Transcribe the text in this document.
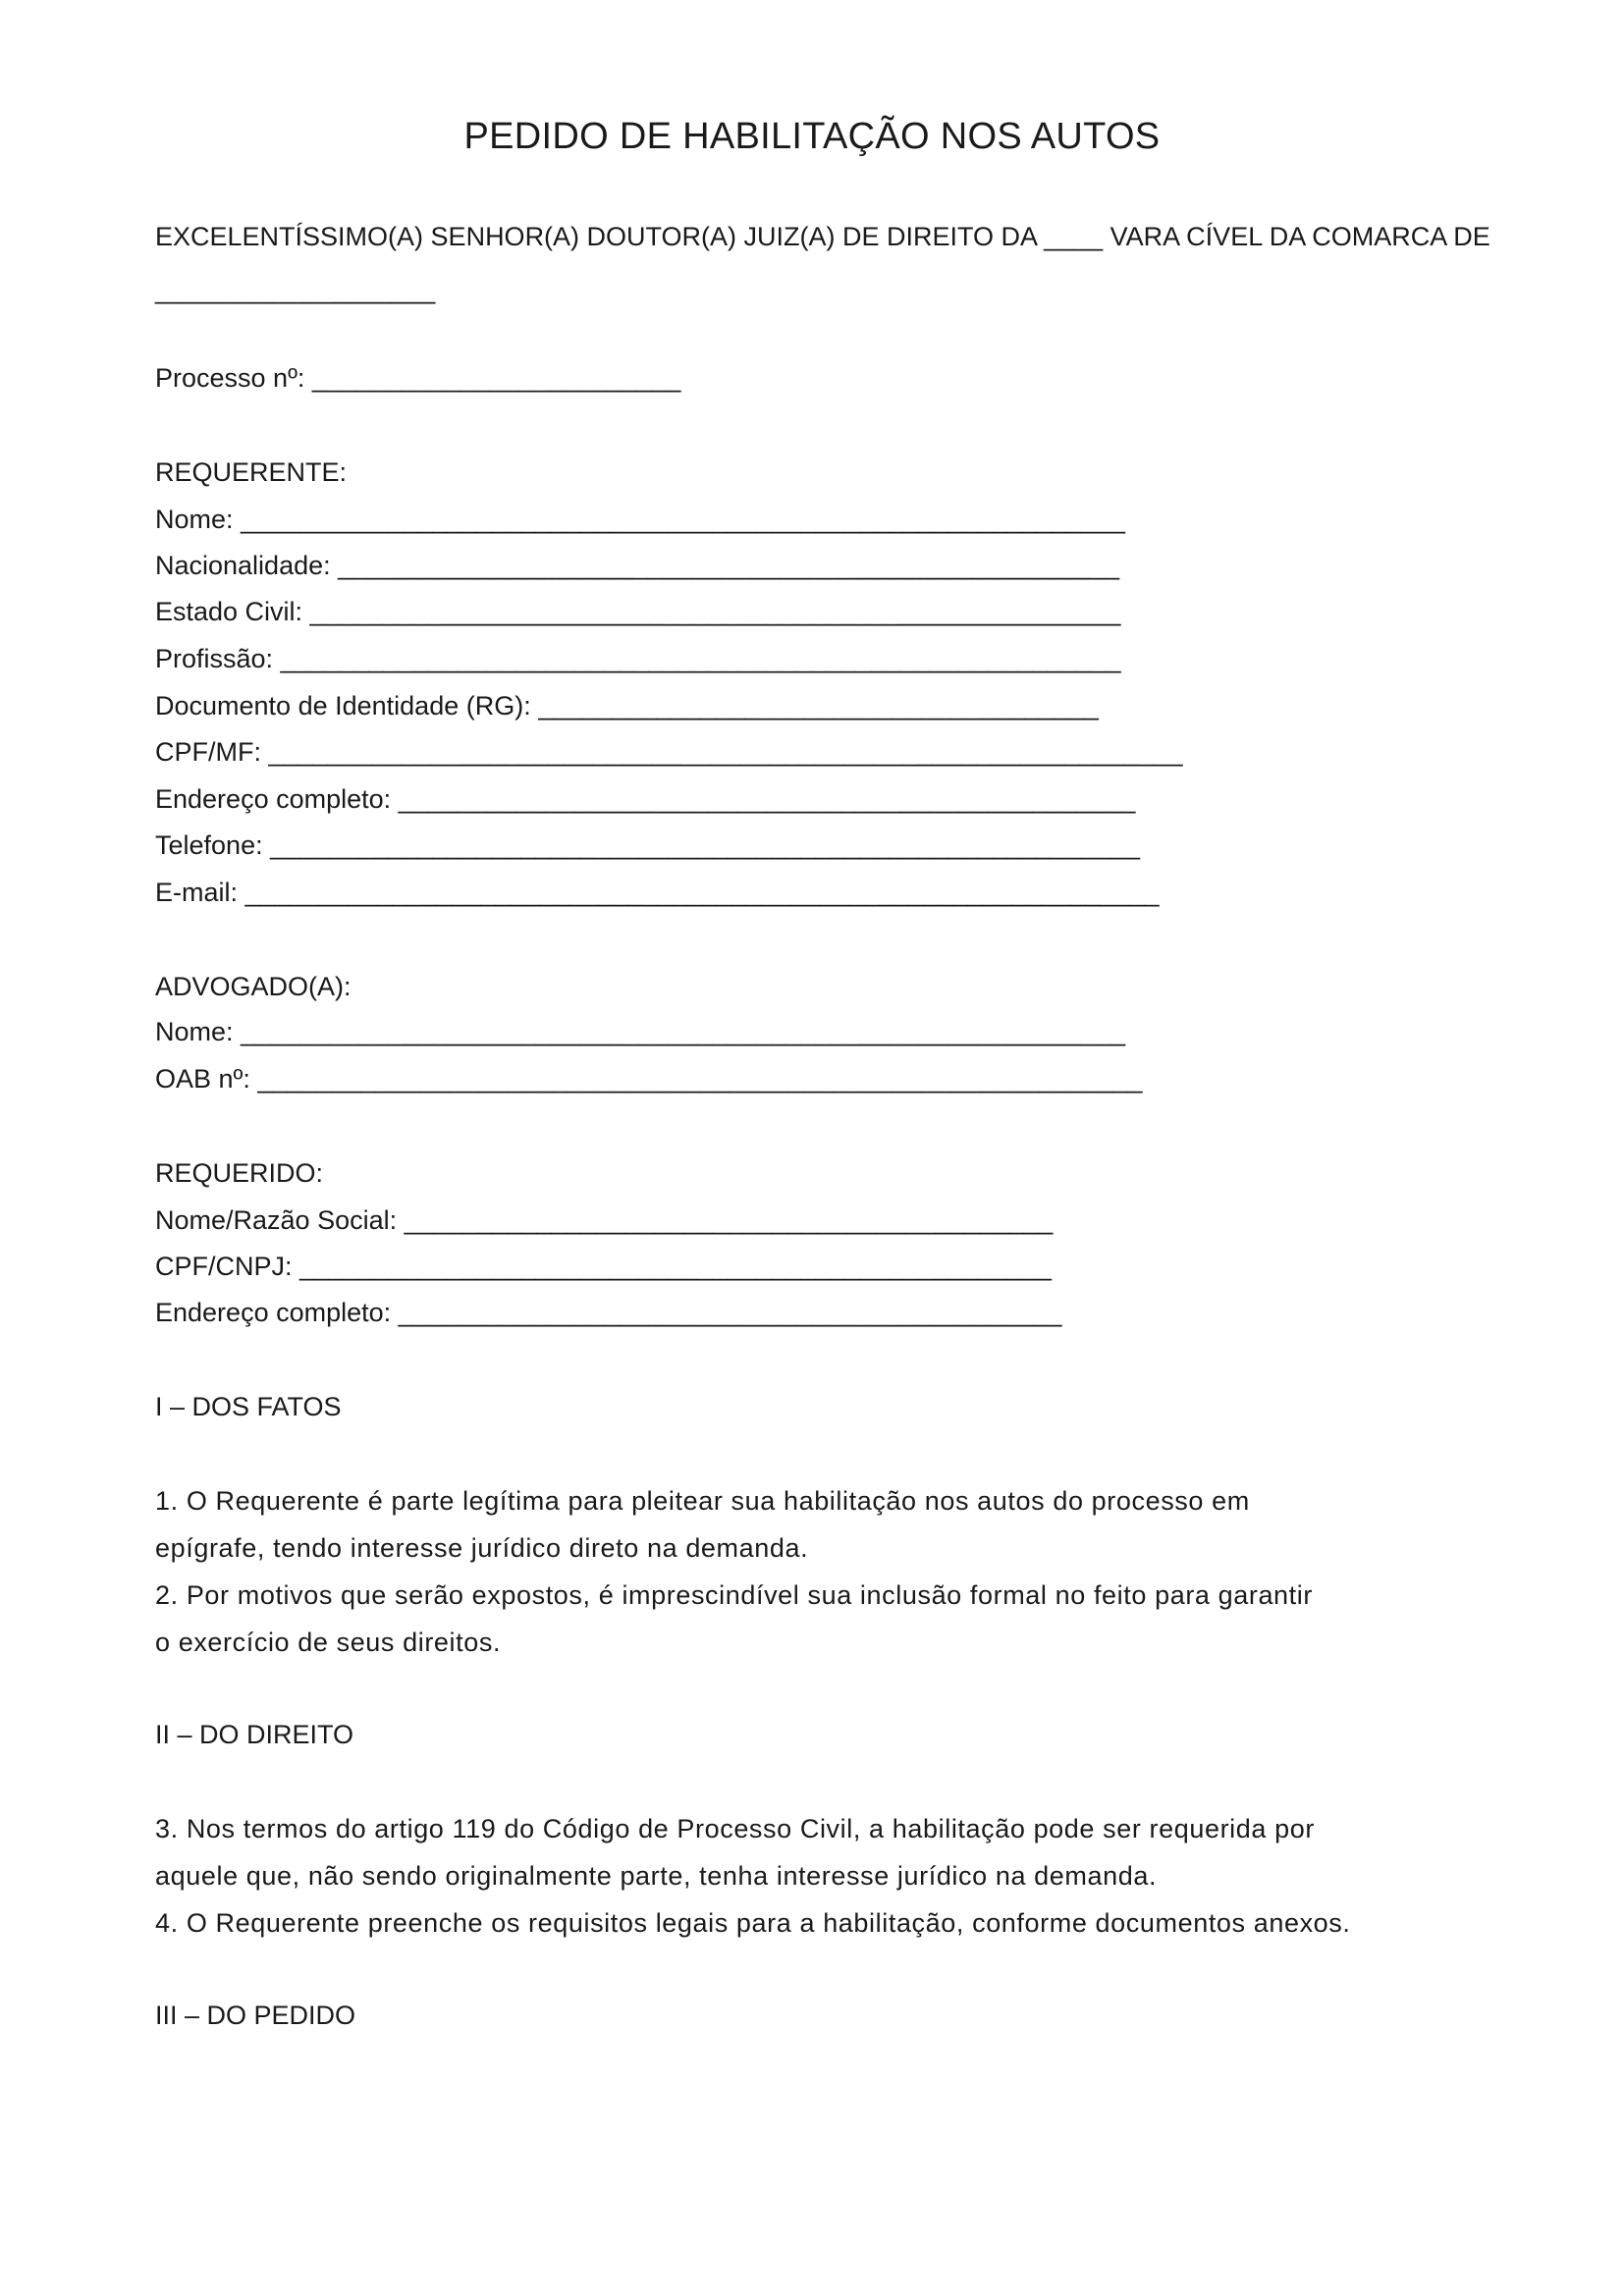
PEDIDO DE HABILITAÇÃO NOS AUTOS
EXCELENTÍSSIMO(A) SENHOR(A) DOUTOR(A) JUIZ(A) DE DIREITO DA ____ VARA CÍVEL DA COMARCA DE
___________________
Processo nº: _________________________
REQUERENTE:
Nome: ____________________________________________________________
Nacionalidade: _____________________________________________________
Estado Civil: _______________________________________________________
Profissão: _________________________________________________________
Documento de Identidade (RG): ______________________________________
CPF/MF: ______________________________________________________________
Endereço completo: __________________________________________________
Telefone: ___________________________________________________________
E-mail: ______________________________________________________________
ADVOGADO(A):
Nome: ____________________________________________________________
OAB nº: ____________________________________________________________
REQUERIDO:
Nome/Razão Social: ____________________________________________
CPF/CNPJ: ___________________________________________________
Endereço completo: _____________________________________________
I – DOS FATOS
1. O Requerente é parte legítima para pleitear sua habilitação nos autos do processo em
epígrafe, tendo interesse jurídico direto na demanda.
2. Por motivos que serão expostos, é imprescindível sua inclusão formal no feito para garantir
o exercício de seus direitos.
II – DO DIREITO
3. Nos termos do artigo 119 do Código de Processo Civil, a habilitação pode ser requerida por
aquele que, não sendo originalmente parte, tenha interesse jurídico na demanda.
4. O Requerente preenche os requisitos legais para a habilitação, conforme documentos anexos.
III – DO PEDIDO
